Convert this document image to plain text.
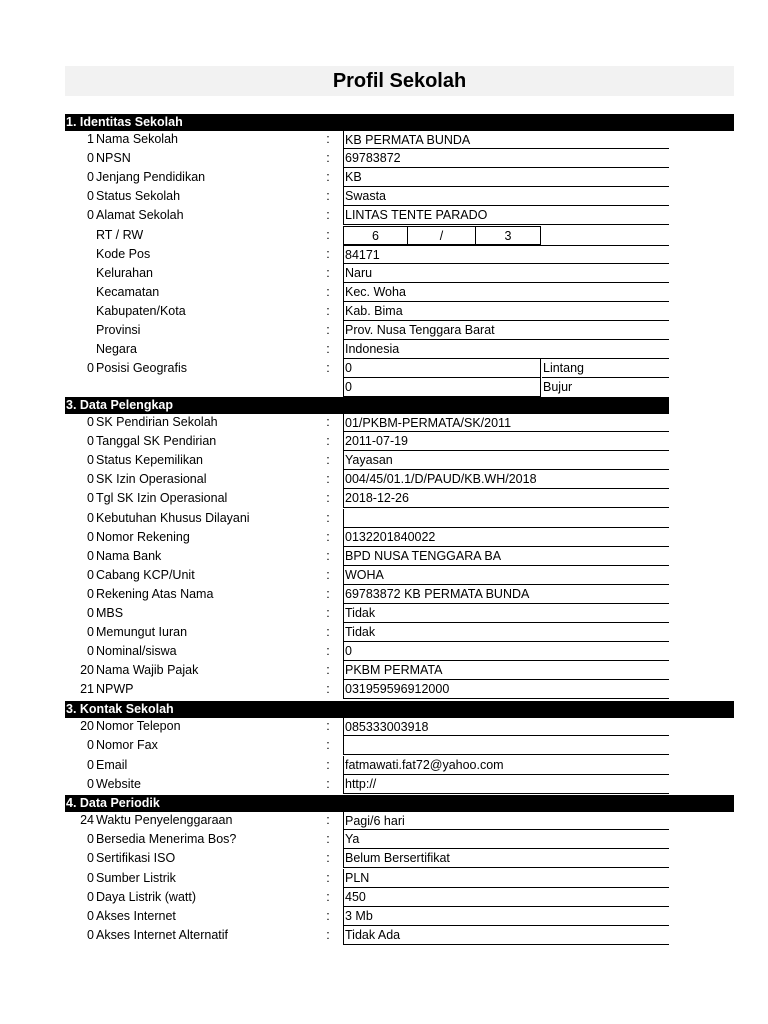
Profil Sekolah
1. Identitas Sekolah
1 Nama Sekolah	: KB PERMATA BUNDA
0 NPSN	: 69783872
0 Jenjang Pendidikan	: KB
0 Status Sekolah	: Swasta
0 Alamat Sekolah	: LINTAS TENTE PARADO
RT / RW	:	6	/	3
Kode Pos	: 84171
Kelurahan	: Naru
Kecamatan	: Kec. Woha
Kabupaten/Kota	: Kab. Bima
Provinsi	: Prov. Nusa Tenggara Barat
Negara	: Indonesia
0 Posisi Geografis	: 0	Lintang
0	Bujur
3. Data Pelengkap
0 SK Pendirian Sekolah	: 01/PKBM-PERMATA/SK/2011
0 Tanggal SK Pendirian	: 2011-07-19
0 Status Kepemilikan	: Yayasan
0 SK Izin Operasional	: 004/45/01.1/D/PAUD/KB.WH/2018
0 Tgl SK Izin Operasional	: 2018-12-26
0 Kebutuhan Khusus Dilayani	:
0 Nomor Rekening	: 0132201840022
0 Nama Bank	: BPD NUSA TENGGARA BA
0 Cabang KCP/Unit	: WOHA
0 Rekening Atas Nama	: 69783872 KB PERMATA BUNDA
0 MBS	: Tidak
0 Memungut Iuran	: Tidak
0 Nominal/siswa	: 0
20 Nama Wajib Pajak	: PKBM PERMATA
21 NPWP	: 031959596912000
3. Kontak Sekolah
20 Nomor Telepon	: 085333003918
0 Nomor Fax	:
0 Email	: fatmawati.fat72@yahoo.com
0 Website	: http://
4. Data Periodik
24 Waktu Penyelenggaraan	: Pagi/6 hari
0 Bersedia Menerima Bos?	: Ya
0 Sertifikasi ISO	: Belum Bersertifikat
0 Sumber Listrik	: PLN
0 Daya Listrik (watt)	: 450
0 Akses Internet	: 3 Mb
0 Akses Internet Alternatif	: Tidak Ada
